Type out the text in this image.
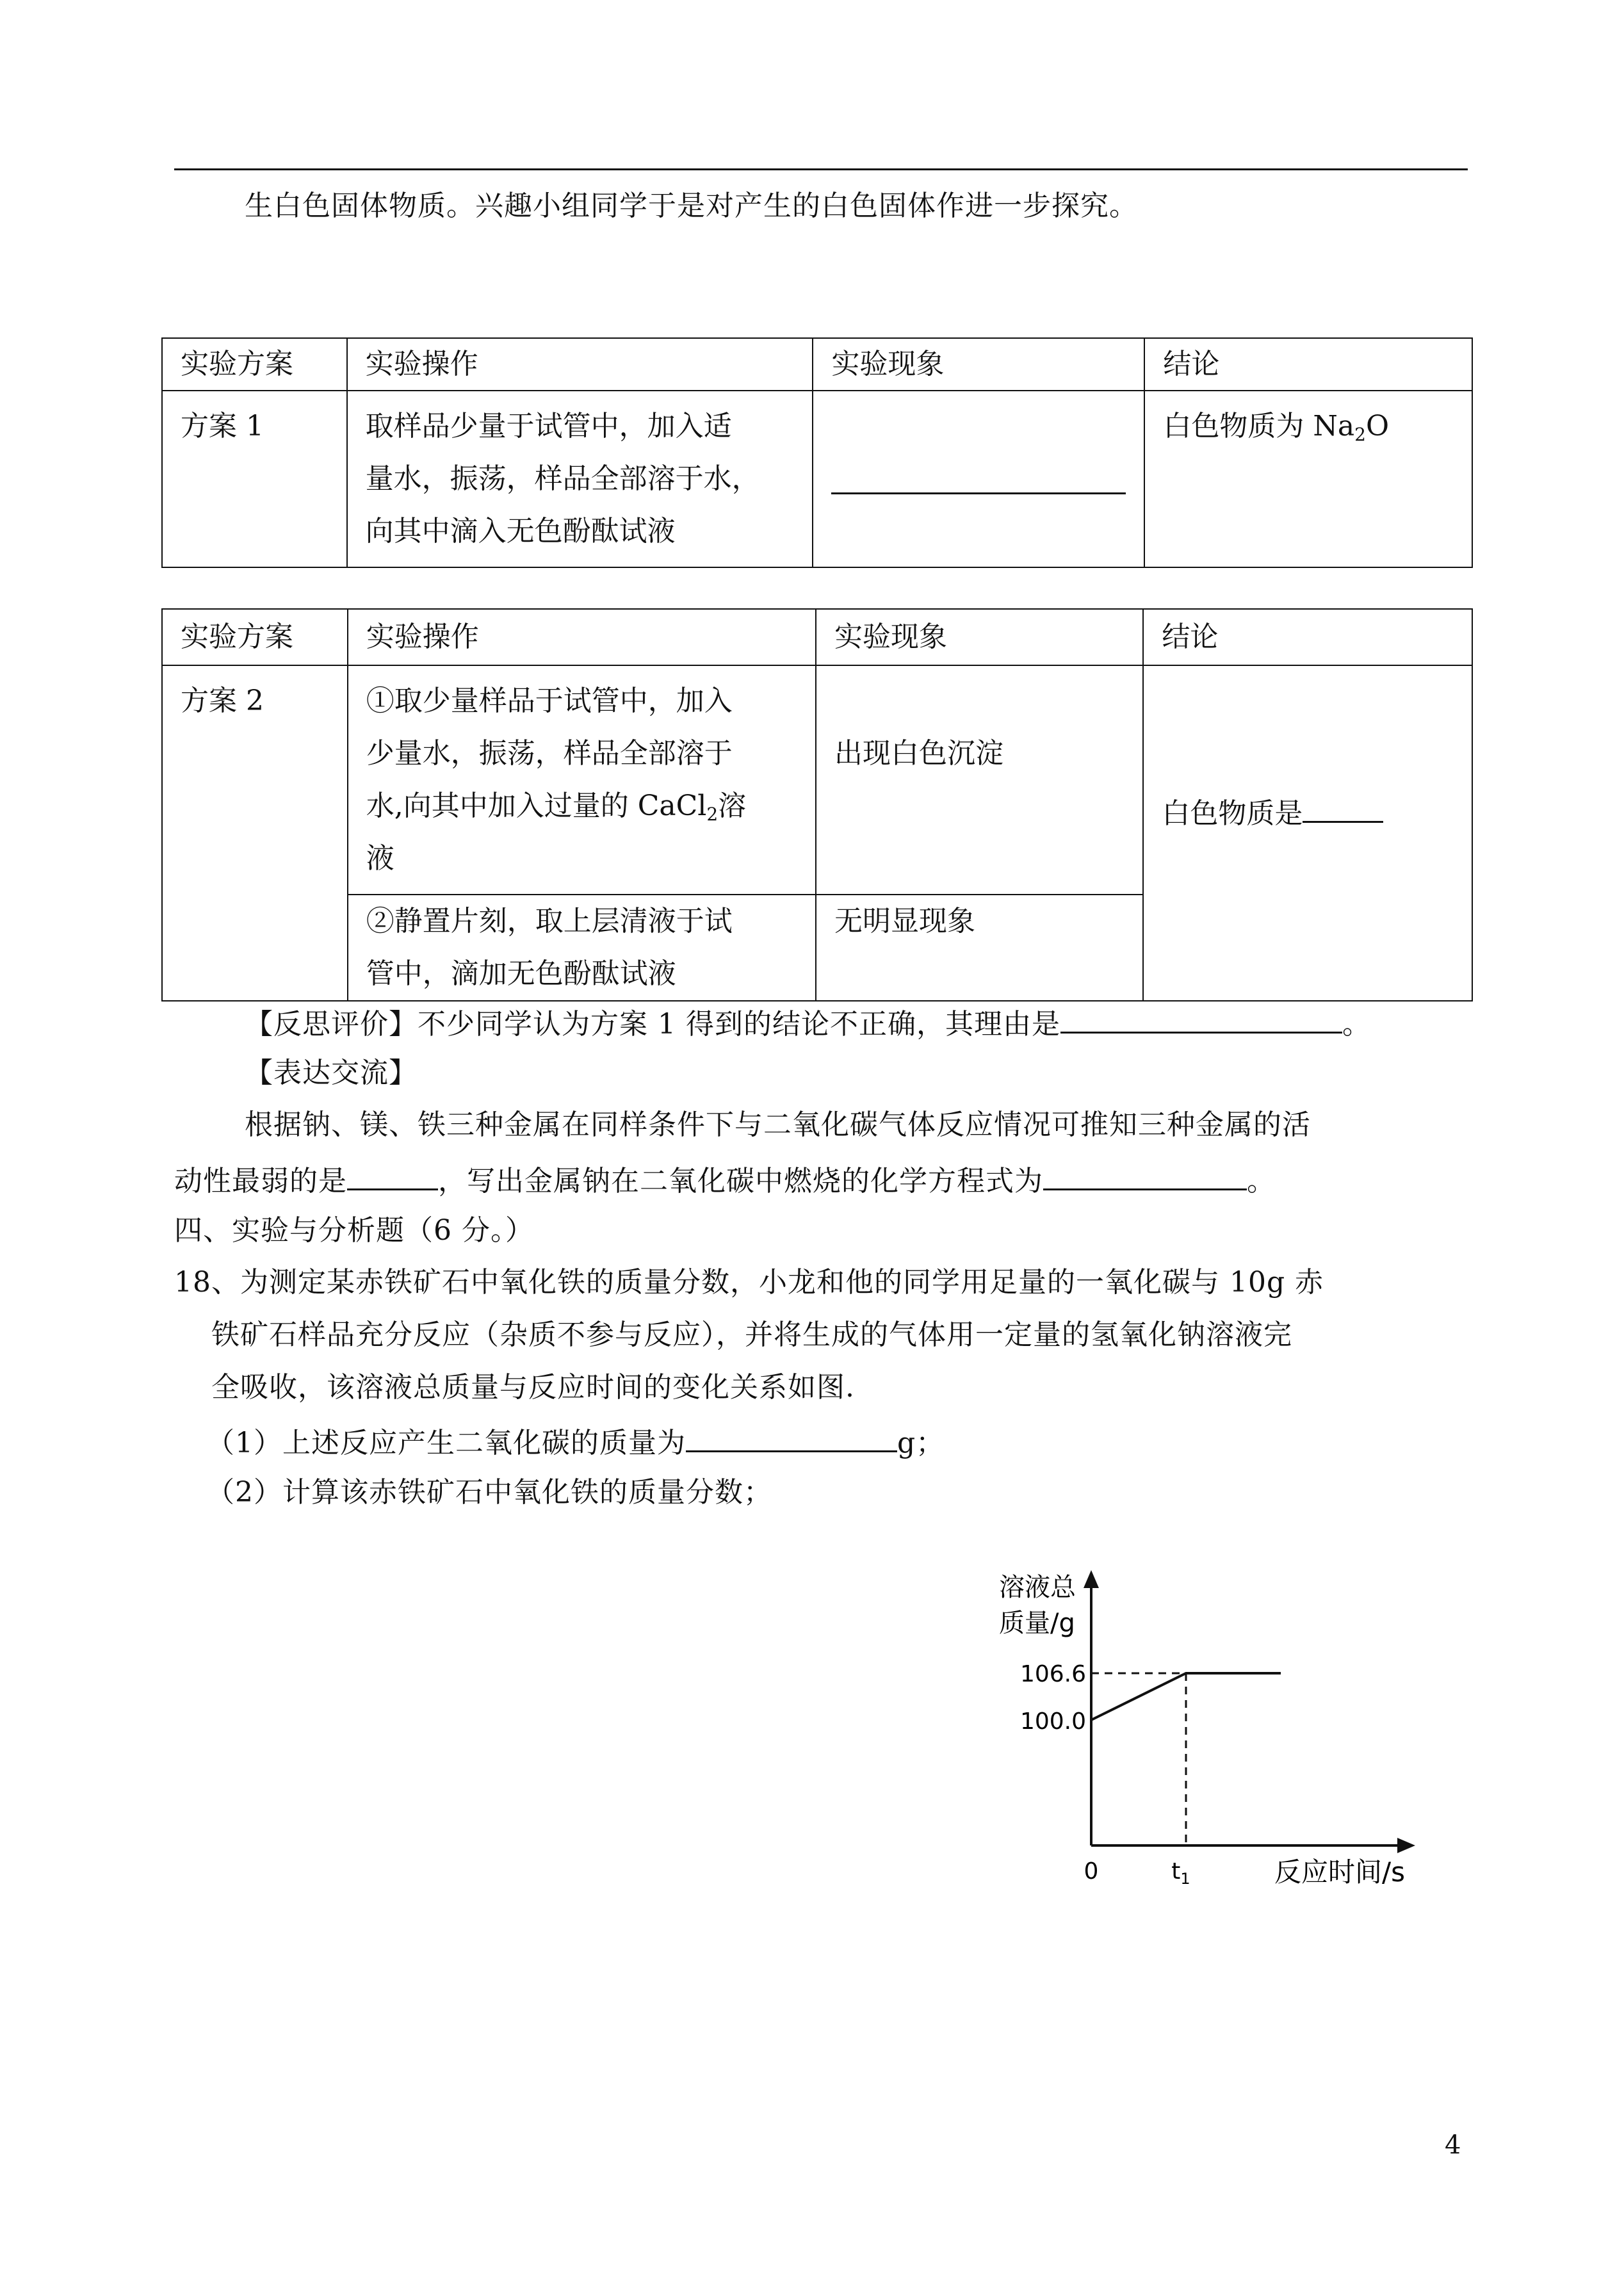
生白色固体物质。兴趣小组同学于是对产生的白色固体作进一步探究。
实验方案	实验操作	实验现象	结论
方案 1	取样品少量于试管中，加入适
量水，振荡，样品全部溶于水，
向其中滴入无色酚酞试液		白色物质为 $Na_2O$
实验方案	实验操作	实验现象	结论
方案 2	①取少量样品于试管中，加入
少量水，振荡，样品全部溶于
水,向其中加入过量的 CaCl$_2$溶
液	出现白色沉淀	白色物质是

	②静置片刻，取上层清液于试
管中，滴加无色酚酞试液	无明显现象	
【反思评价】不少同学认为方案 1 得到的结论不正确，其理由是	。
【表达交流】
根据钠、镁、铁三种金属在同样条件下与二氧化碳气体反应情况可推知三种金属的活
动性最弱的是	，写出金属钠在二氧化碳中燃烧的化学方程式为	。
四、实验与分析题（6 分。）
18、为测定某赤铁矿石中氧化铁的质量分数，小龙和他的同学用足量的一氧化碳与 10g 赤
铁矿石样品充分反应（杂质不参与反应），并将生成的气体用一定量的氢氧化钠溶液完
全吸收，该溶液总质量与反应时间的变化关系如图.
（1）上述反应产生二氧化碳的质量为	g；
（2）计算该赤铁矿石中氧化铁的质量分数；
溶液总
质量/g
106.6
100.0
0	$t_1$	反应时间/s
4
